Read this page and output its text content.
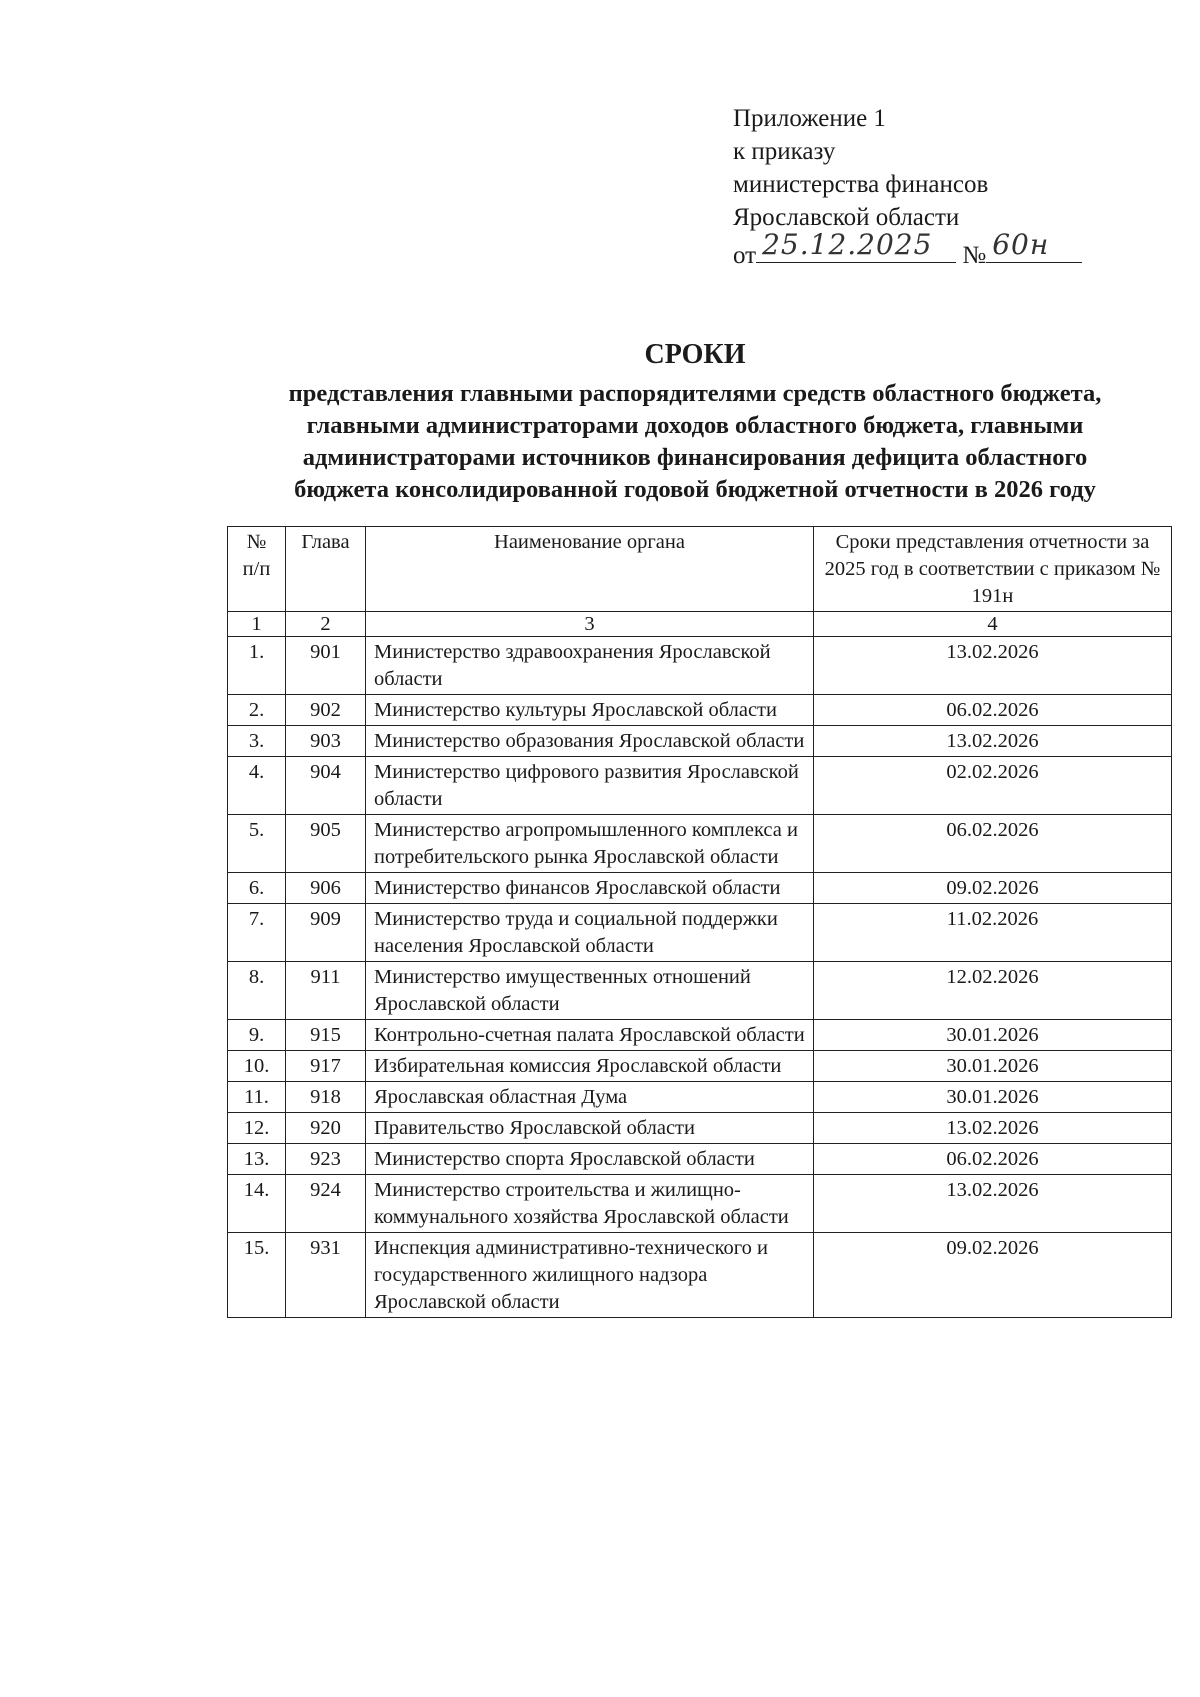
Приложение 1
к приказу
министерства финансов
Ярославской области
от 25.12.2025 № 60н
СРОКИ
представления главными распорядителями средств областного бюджета,
главными администраторами доходов областного бюджета, главными
администраторами источников финансирования дефицита областного
бюджета консолидированной годовой бюджетной отчетности в 2026 году
№ п/п	Глава	Наименование органа	Сроки представления отчетности за 2025 год в соответствии с приказом № 191н
1	2	3	4
1.	901	Министерство здравоохранения Ярославской области	13.02.2026
2.	902	Министерство культуры Ярославской области	06.02.2026
3.	903	Министерство образования Ярославской области	13.02.2026
4.	904	Министерство цифрового развития Ярославской области	02.02.2026
5.	905	Министерство агропромышленного комплекса и потребительского рынка Ярославской области	06.02.2026
6.	906	Министерство финансов Ярославской области	09.02.2026
7.	909	Министерство труда и социальной поддержки населения Ярославской области	11.02.2026
8.	911	Министерство имущественных отношений Ярославской области	12.02.2026
9.	915	Контрольно-счетная палата Ярославской области	30.01.2026
10.	917	Избирательная комиссия Ярославской области	30.01.2026
11.	918	Ярославская областная Дума	30.01.2026
12.	920	Правительство Ярославской области	13.02.2026
13.	923	Министерство спорта Ярославской области	06.02.2026
14.	924	Министерство строительства и жилищно-коммунального хозяйства Ярославской области	13.02.2026
15.	931	Инспекция административно-технического и государственного жилищного надзора Ярославской области	09.02.2026
